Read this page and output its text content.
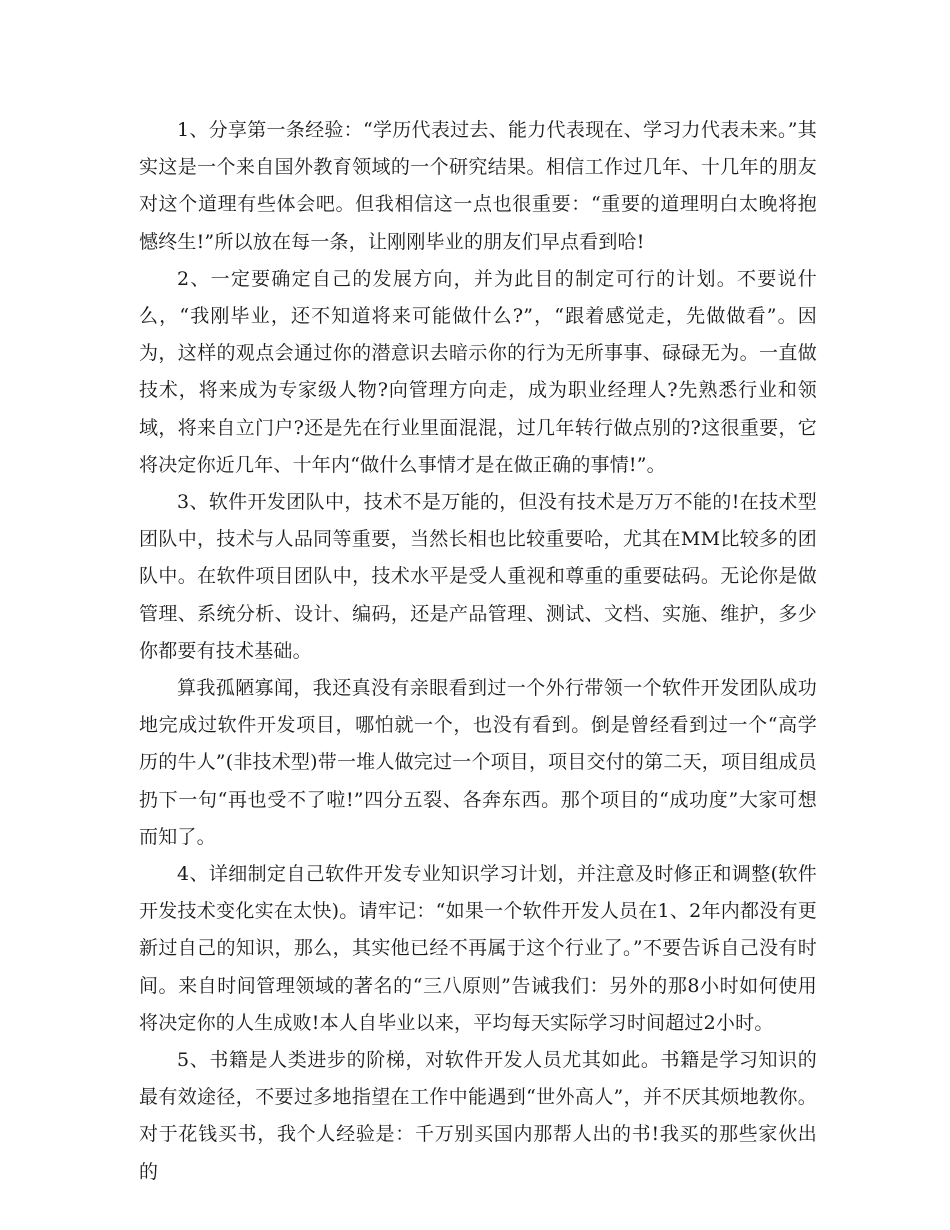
1、分享第一条经验：“学历代表过去、能力代表现在、学习力代表未来。”其实这是一个来自国外教育领域的一个研究结果。相信工作过几年、十几年的朋友对这个道理有些体会吧。但我相信这一点也很重要：“重要的道理明白太晚将抱憾终生!”所以放在每一条，让刚刚毕业的朋友们早点看到哈!

2、一定要确定自己的发展方向，并为此目的制定可行的计划。不要说什么，“我刚毕业，还不知道将来可能做什么?”，“跟着感觉走，先做做看”。因为，这样的观点会通过你的潜意识去暗示你的行为无所事事、碌碌无为。一直做技术，将来成为专家级人物?向管理方向走，成为职业经理人?先熟悉行业和领域，将来自立门户?还是先在行业里面混混，过几年转行做点别的?这很重要，它将决定你近几年、十年内“做什么事情才是在做正确的事情!”。

3、软件开发团队中，技术不是万能的，但没有技术是万万不能的!在技术型团队中，技术与人品同等重要，当然长相也比较重要哈，尤其在MM比较多的团队中。在软件项目团队中，技术水平是受人重视和尊重的重要砝码。无论你是做管理、系统分析、设计、编码，还是产品管理、测试、文档、实施、维护，多少你都要有技术基础。

算我孤陋寡闻，我还真没有亲眼看到过一个外行带领一个软件开发团队成功地完成过软件开发项目，哪怕就一个，也没有看到。倒是曾经看到过一个“高学历的牛人”(非技术型)带一堆人做完过一个项目，项目交付的第二天，项目组成员扔下一句“再也受不了啦!”四分五裂、各奔东西。那个项目的“成功度”大家可想而知了。

4、详细制定自己软件开发专业知识学习计划，并注意及时修正和调整(软件开发技术变化实在太快)。请牢记：“如果一个软件开发人员在1、2年内都没有更新过自己的知识，那么，其实他已经不再属于这个行业了。”不要告诉自己没有时间。来自时间管理领域的著名的“三八原则”告诫我们：另外的那8小时如何使用将决定你的人生成败!本人自毕业以来，平均每天实际学习时间超过2小时。

5、书籍是人类进步的阶梯，对软件开发人员尤其如此。书籍是学习知识的最有效途径，不要过多地指望在工作中能遇到“世外高人”，并不厌其烦地教你。对于花钱买书，我个人经验是：千万别买国内那帮人出的书!我买的那些家伙出的
